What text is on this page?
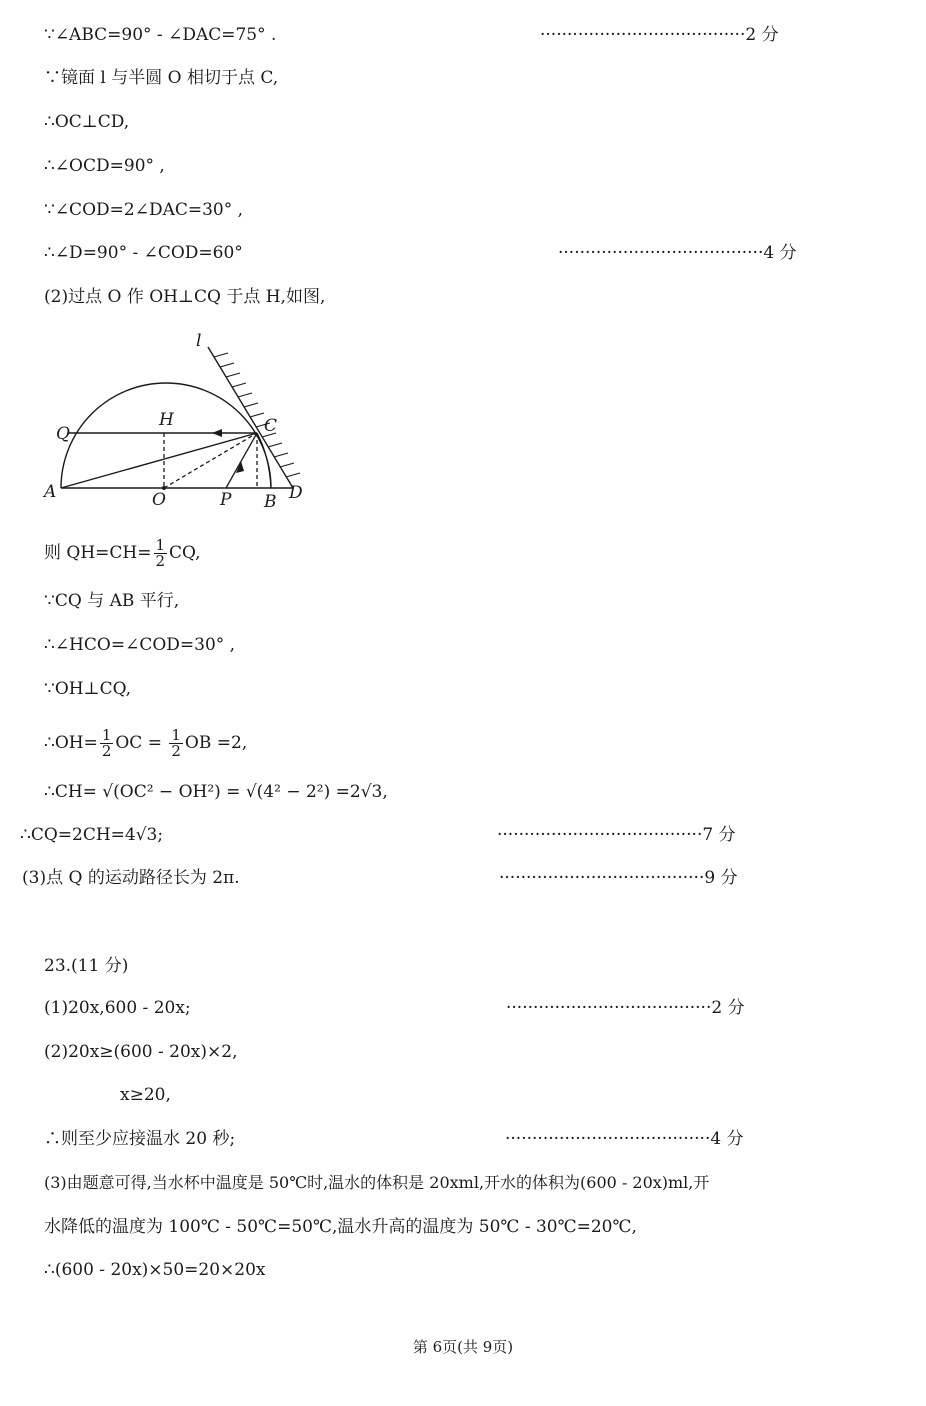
∵∠ABC=90° - ∠DAC=75° .	······································2 分
∵镜面 l 与半圆 O 相切于点 C,
∴OC⊥CD,
∴∠OCD=90° ,
∵∠COD=2∠DAC=30° ,
∴∠D=90° - ∠COD=60°	······································4 分
(2)过点 O 作 OH⊥CQ 于点 H,如图,
l
Q
H	C
A	O	P B D
则 $QH=CH= \frac{1}{2}$ CQ,
∵CQ 与 AB 平行,
∴∠HCO=∠COD=30° ,
∵OH⊥CQ,
∴OH= $\frac{1}{2}$ OC = $\frac{1}{2}$ OB =2,
∴CH= √(OC² − OH²) = √(4² − 2²) =2√3,
∴CQ=2CH=4√3;	······································7 分
(3)点 Q 的运动路径长为 2π.	······································9 分
23.(11 分)
(1)20x,600 - 20x;	······································2 分
(2)20x≥(600 - 20x)×2,
x≥20,
∴则至少应接温水 20 秒;	······································4 分
(3)由题意可得,当水杯中温度是 50℃时,温水的体积是 20xml,开水的体积为(600 - 20x)ml,开
水降低的温度为 100℃ - 50℃=50℃,温水升高的温度为 50℃ - 30℃=20℃,
∴(600 - 20x)×50=20×20x
第 6页(共 9页)
